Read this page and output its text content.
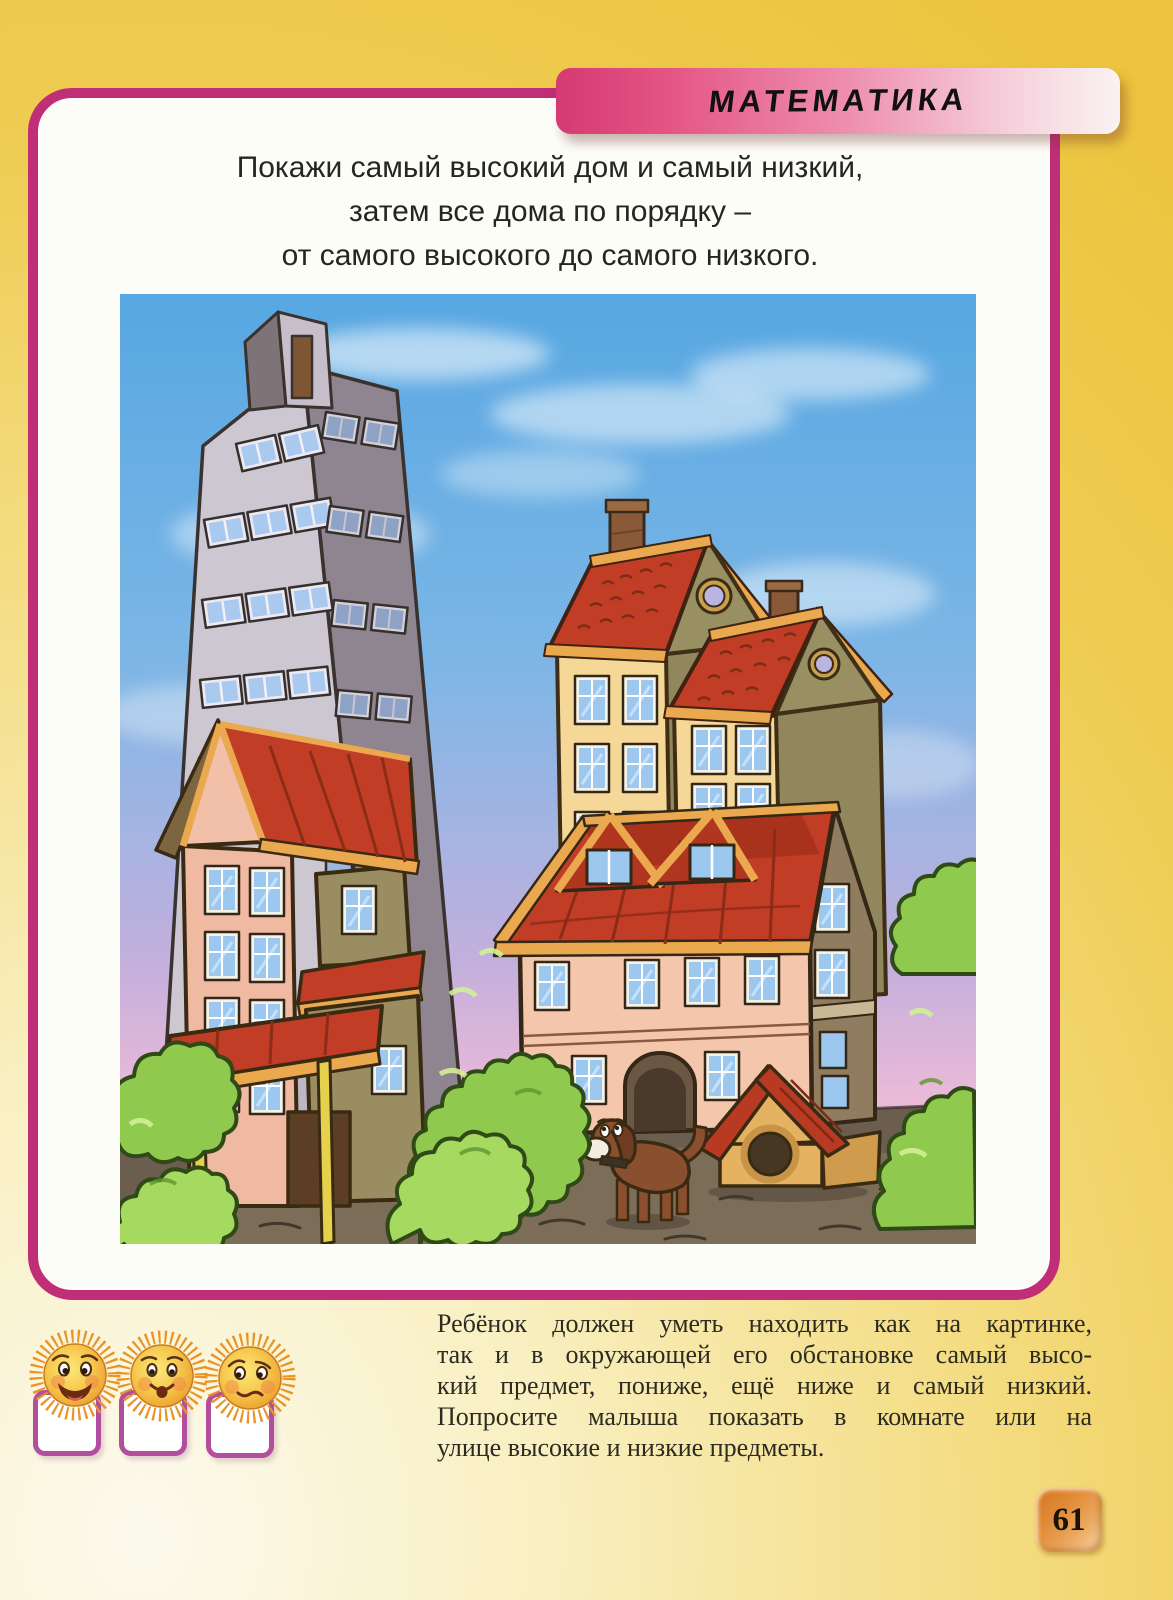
МАТЕМАТИКА
Покажи самый высокий дом и самый низкий,
затем все дома по порядку –
от самого высокого до самого низкого.
Ребёнок должен уметь находить как на картинке,
так и в окружающей его обстановке самый высо-
кий предмет, пониже, ещё ниже и самый низкий.
Попросите малыша показать в комнате или на
улице высокие и низкие предметы.
61
